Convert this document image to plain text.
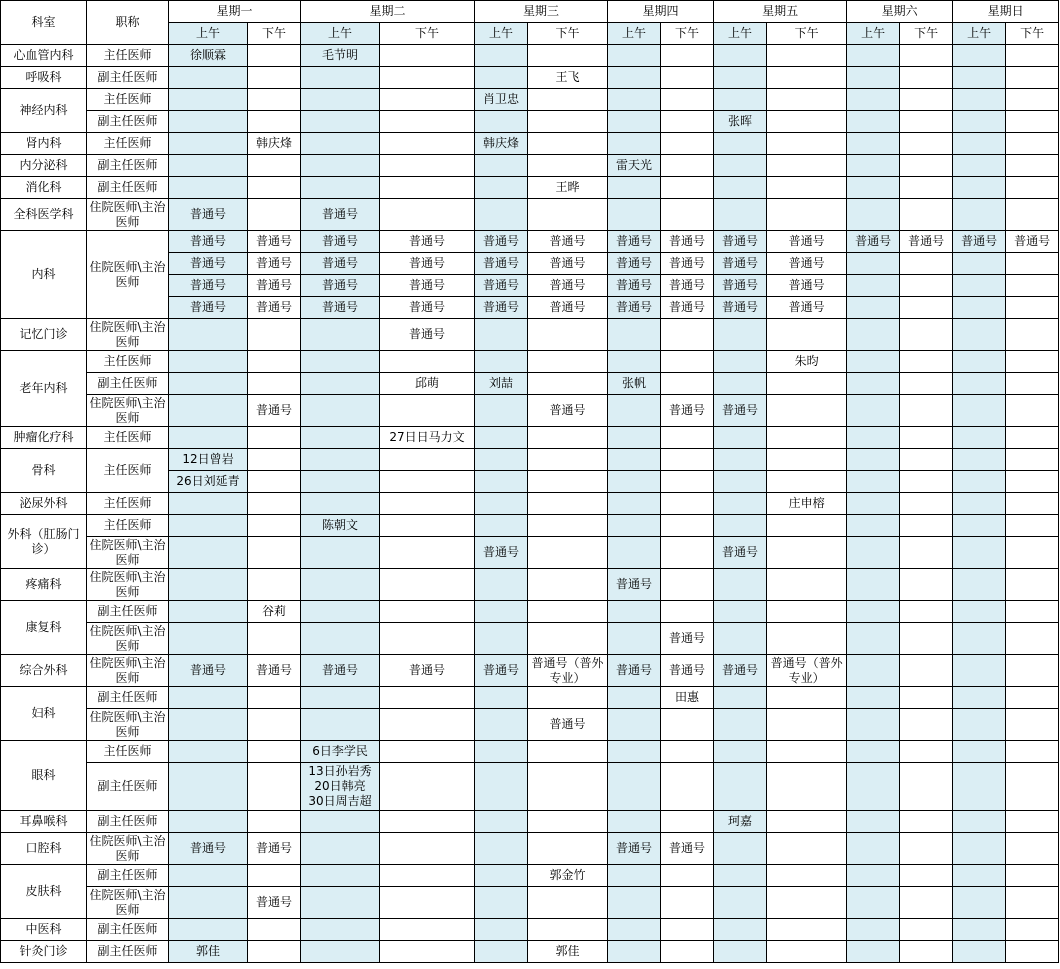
科室	职称	星期一		星期二		星期三		星期四		星期五		星期六		星期日	
		上午	下午	上午	下午	上午	下午	上午	下午	上午	下午	上午	下午	上午	下午
心血管内科	主任医师	徐顺霖		毛节明											
呼吸科	副主任医师						王飞								
神经内科	主任医师					肖卫忠									
	副主任医师									张晖					
肾内科	主任医师		韩庆烽			韩庆烽									
内分泌科	副主任医师							雷天光							
消化科	副主任医师						王晔								
全科医学科	住院医师\主治医师	普通号		普通号											
内科	住院医师\主治医师	普通号	普通号	普通号	普通号	普通号	普通号	普通号	普通号	普通号	普通号	普通号	普通号	普通号	普通号
		普通号	普通号	普通号	普通号	普通号	普通号	普通号	普通号	普通号	普通号				
		普通号	普通号	普通号	普通号	普通号	普通号	普通号	普通号	普通号	普通号				
		普通号	普通号	普通号	普通号	普通号	普通号	普通号	普通号	普通号	普通号				
记忆门诊	住院医师\主治医师				普通号										
老年内科	主任医师										朱昀				
	副主任医师				邱萌	刘喆		张帆							
	住院医师\主治医师		普通号				普通号		普通号	普通号					
肿瘤化疗科	主任医师				27日日马力文										
骨科	主任医师	12日曾岩													
		26日刘延青													
泌尿外科	主任医师										庄申榕				
外科（肛肠门诊）	主任医师			陈朝文											
	住院医师\主治医师					普通号				普通号					
疼痛科	住院医师\主治医师							普通号							
康复科	副主任医师		谷莉												
	住院医师\主治医师								普通号						
综合外科	住院医师\主治医师	普通号	普通号	普通号	普通号	普通号	普通号（普外专业）	普通号	普通号	普通号	普通号（普外专业）				
妇科	副主任医师								田惠						
	住院医师\主治医师						普通号								
眼科	主任医师			6日李学民											
	副主任医师			13日孙岩秀
20日韩亮
30日周吉超											
耳鼻喉科	副主任医师									珂嘉					
口腔科	住院医师\主治医师	普通号	普通号					普通号	普通号						
皮肤科	副主任医师						郭金竹								
	住院医师\主治医师		普通号												
中医科	副主任医师														
针灸门诊	副主任医师	郭佳					郭佳								
